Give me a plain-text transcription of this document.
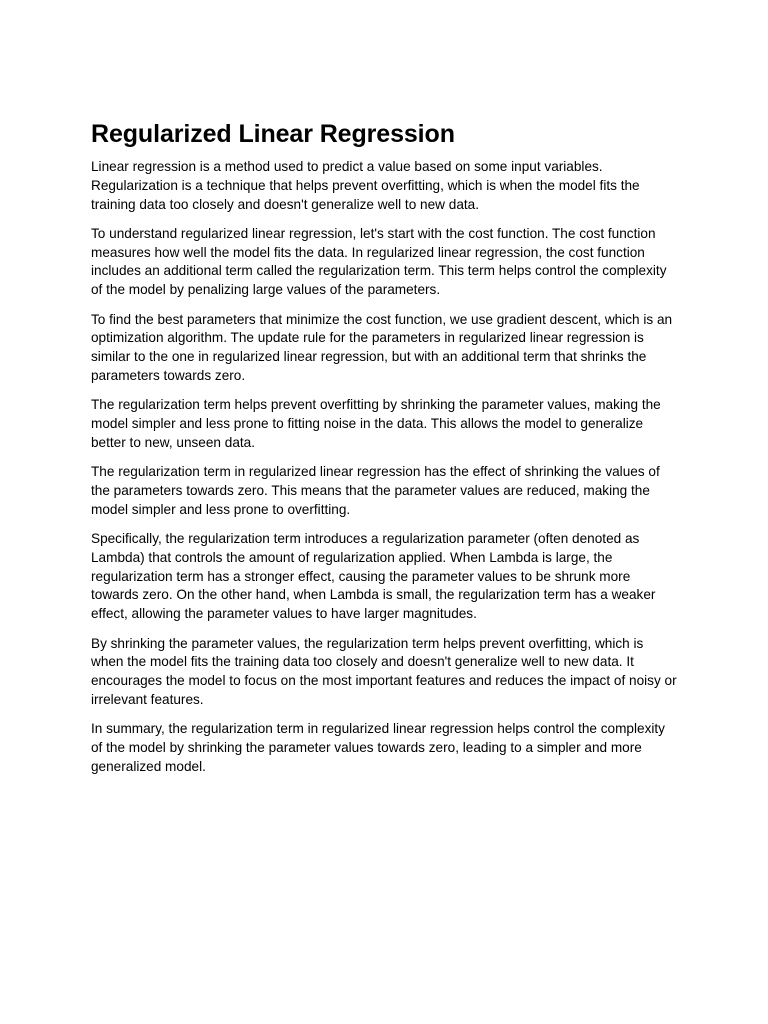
Regularized Linear Regression

Linear regression is a method used to predict a value based on some input variables. Regularization is a technique that helps prevent overfitting, which is when the model fits the training data too closely and doesn't generalize well to new data.

To understand regularized linear regression, let's start with the cost function. The cost function measures how well the model fits the data. In regularized linear regression, the cost function includes an additional term called the regularization term. This term helps control the complexity of the model by penalizing large values of the parameters.

To find the best parameters that minimize the cost function, we use gradient descent, which is an optimization algorithm. The update rule for the parameters in regularized linear regression is similar to the one in regularized linear regression, but with an additional term that shrinks the parameters towards zero.

The regularization term helps prevent overfitting by shrinking the parameter values, making the model simpler and less prone to fitting noise in the data. This allows the model to generalize better to new, unseen data.

The regularization term in regularized linear regression has the effect of shrinking the values of the parameters towards zero. This means that the parameter values are reduced, making the model simpler and less prone to overfitting.

Specifically, the regularization term introduces a regularization parameter (often denoted as Lambda) that controls the amount of regularization applied. When Lambda is large, the regularization term has a stronger effect, causing the parameter values to be shrunk more towards zero. On the other hand, when Lambda is small, the regularization term has a weaker effect, allowing the parameter values to have larger magnitudes.

By shrinking the parameter values, the regularization term helps prevent overfitting, which is when the model fits the training data too closely and doesn't generalize well to new data. It encourages the model to focus on the most important features and reduces the impact of noisy or irrelevant features.

In summary, the regularization term in regularized linear regression helps control the complexity of the model by shrinking the parameter values towards zero, leading to a simpler and more generalized model.
